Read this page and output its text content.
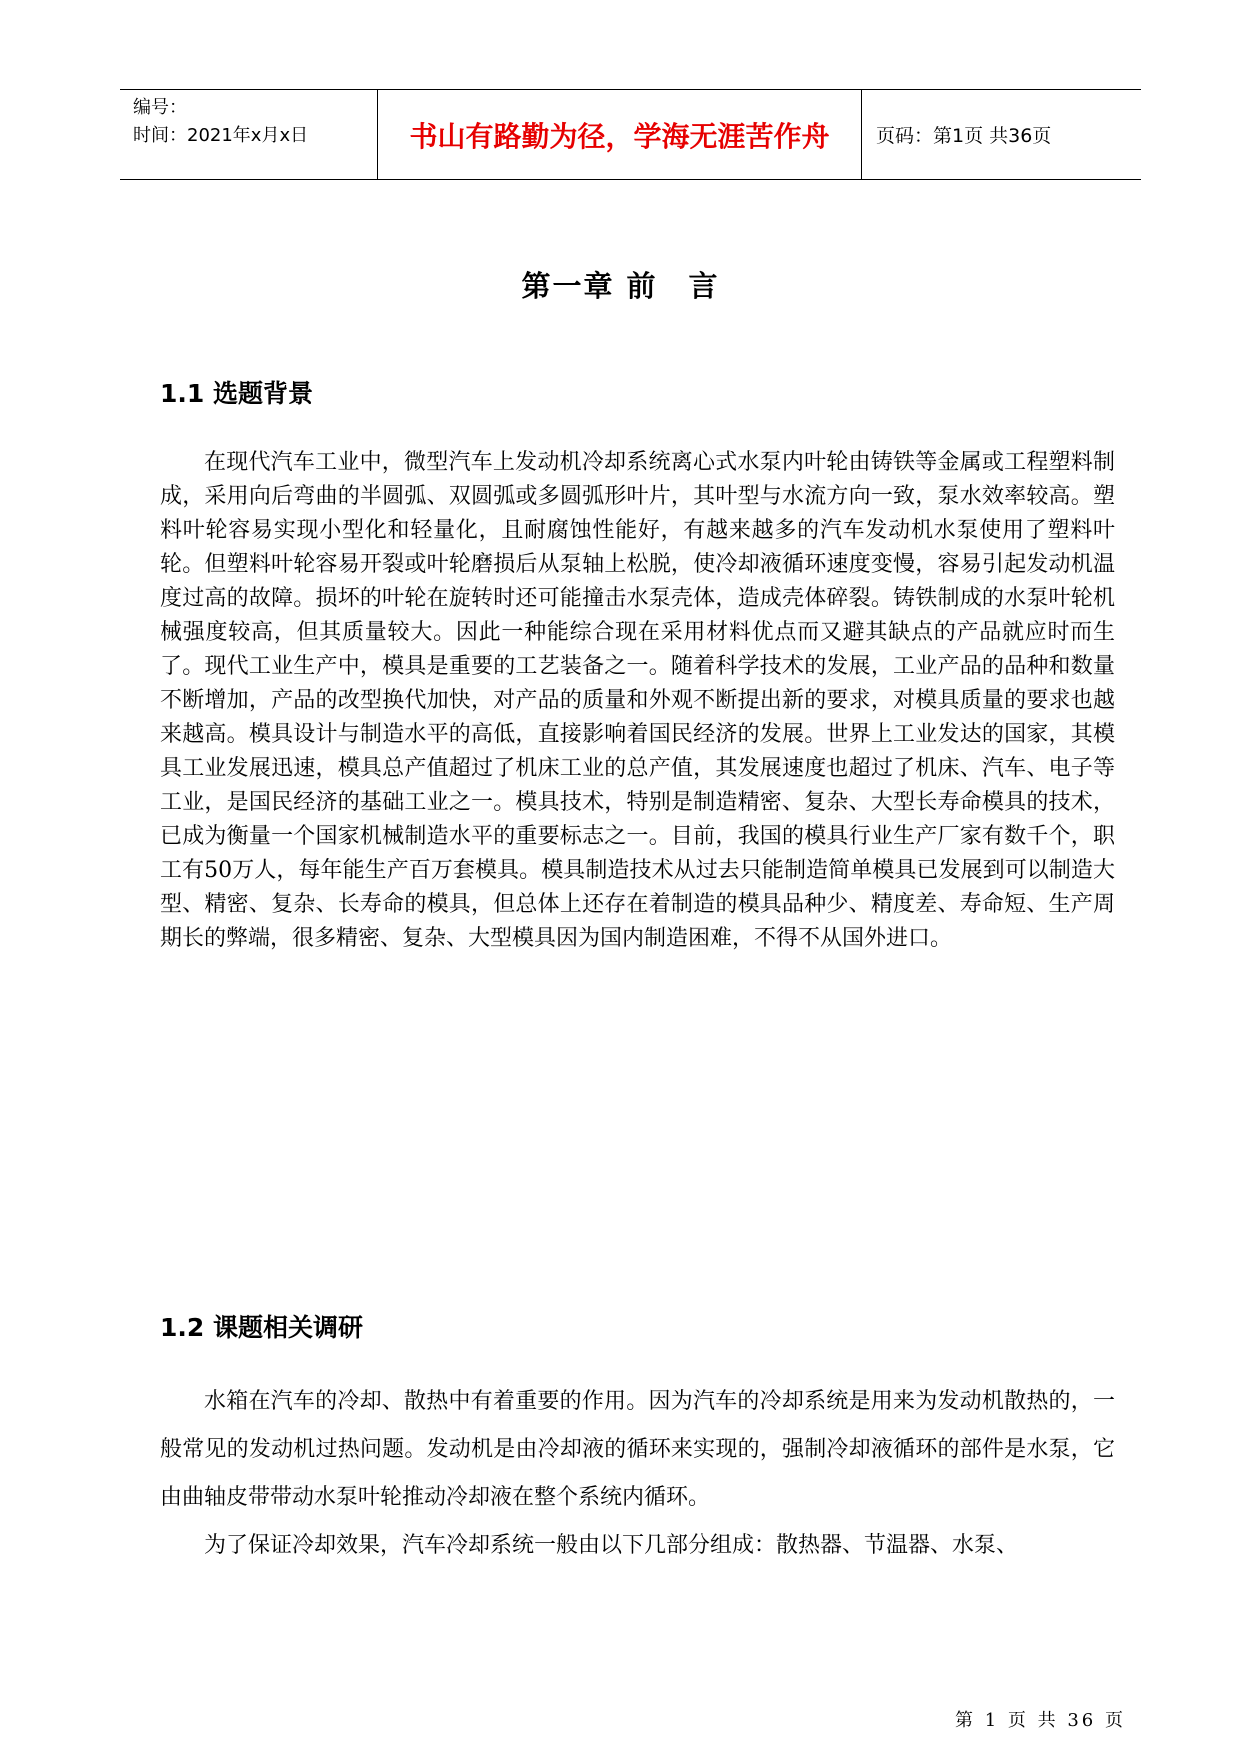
编号：
时间：2021年x月x日	书山有路勤为径，学海无涯苦作舟	页码：第1页 共36页
第一章 前　言
1.1 选题背景

在现代汽车工业中，微型汽车上发动机冷却系统离心式水泵内叶轮由铸铁等金属或工程塑料制成，采用向后弯曲的半圆弧、双圆弧或多圆弧形叶片，其叶型与水流方向一致，泵水效率较高。塑料叶轮容易实现小型化和轻量化，且耐腐蚀性能好，有越来越多的汽车发动机水泵使用了塑料叶轮。但塑料叶轮容易开裂或叶轮磨损后从泵轴上松脱，使冷却液循环速度变慢，容易引起发动机温度过高的故障。损坏的叶轮在旋转时还可能撞击水泵壳体，造成壳体碎裂。铸铁制成的水泵叶轮机械强度较高，但其质量较大。因此一种能综合现在采用材料优点而又避其缺点的产品就应时而生了。现代工业生产中，模具是重要的工艺装备之一。随着科学技术的发展，工业产品的品种和数量不断增加，产品的改型换代加快，对产品的质量和外观不断提出新的要求，对模具质量的要求也越来越高。模具设计与制造水平的高低，直接影响着国民经济的发展。世界上工业发达的国家，其模具工业发展迅速，模具总产值超过了机床工业的总产值，其发展速度也超过了机床、汽车、电子等工业，是国民经济的基础工业之一。模具技术，特别是制造精密、复杂、大型长寿命模具的技术，已成为衡量一个国家机械制造水平的重要标志之一。目前，我国的模具行业生产厂家有数千个，职工有50万人，每年能生产百万套模具。模具制造技术从过去只能制造简单模具已发展到可以制造大型、精密、复杂、长寿命的模具，但总体上还存在着制造的模具品种少、精度差、寿命短、生产周期长的弊端，很多精密、复杂、大型模具因为国内制造困难，不得不从国外进口。

1.2 课题相关调研

水箱在汽车的冷却、散热中有着重要的作用。因为汽车的冷却系统是用来为发动机散热的，一般常见的发动机过热问题。发动机是由冷却液的循环来实现的，强制冷却液循环的部件是水泵，它由曲轴皮带带动水泵叶轮推动冷却液在整个系统内循环。

为了保证冷却效果，汽车冷却系统一般由以下几部分组成：散热器、节温器、水泵、

第 1 页 共 36 页
